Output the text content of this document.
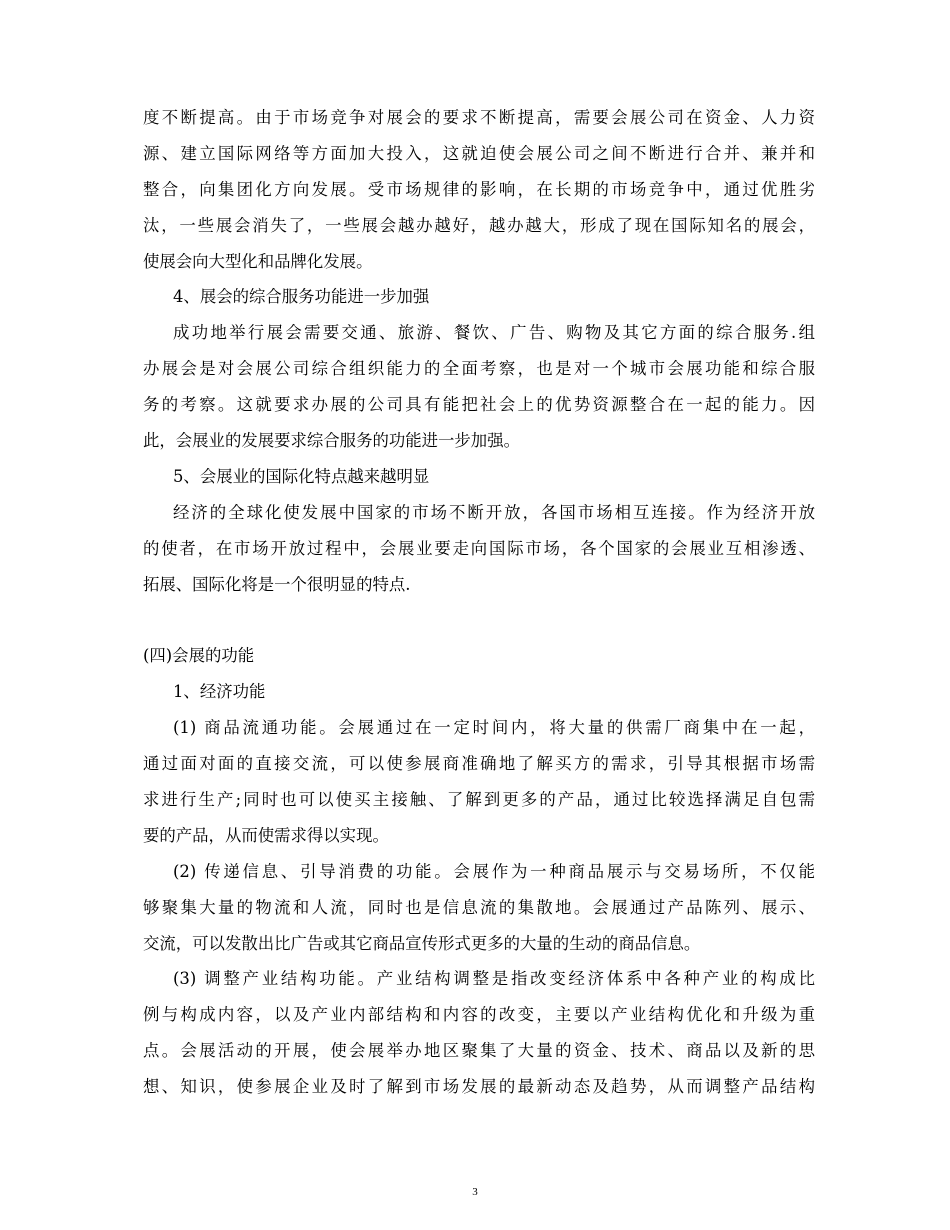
度不断提高。由于市场竞争对展会的要求不断提高，需要会展公司在资金、人力资
源、建立国际网络等方面加大投入，这就迫使会展公司之间不断进行合并、兼并和
整合，向集团化方向发展。受市场规律的影响，在长期的市场竞争中，通过优胜劣
汰，一些展会消失了，一些展会越办越好，越办越大，形成了现在国际知名的展会，
使展会向大型化和品牌化发展。
4、展会的综合服务功能进一步加强
成功地举行展会需要交通、旅游、餐饮、广告、购物及其它方面的综合服务.组
办展会是对会展公司综合组织能力的全面考察，也是对一个城市会展功能和综合服
务的考察。这就要求办展的公司具有能把社会上的优势资源整合在一起的能力。因
此，会展业的发展要求综合服务的功能进一步加强。
5、会展业的国际化特点越来越明显
经济的全球化使发展中国家的市场不断开放，各国市场相互连接。作为经济开放
的使者，在市场开放过程中，会展业要走向国际市场，各个国家的会展业互相渗透、
拓展、国际化将是一个很明显的特点.
(四)会展的功能
1、经济功能
(1) 商品流通功能。会展通过在一定时间内，将大量的供需厂商集中在一起，
通过面对面的直接交流，可以使参展商准确地了解买方的需求，引导其根据市场需
求进行生产;同时也可以使买主接触、了解到更多的产品，通过比较选择满足自包需
要的产品，从而使需求得以实现。
(2) 传递信息、引导消费的功能。会展作为一种商品展示与交易场所，不仅能
够聚集大量的物流和人流，同时也是信息流的集散地。会展通过产品陈列、展示、
交流，可以发散出比广告或其它商品宣传形式更多的大量的生动的商品信息。
(3) 调整产业结构功能。产业结构调整是指改变经济体系中各种产业的构成比
例与构成内容，以及产业内部结构和内容的改变，主要以产业结构优化和升级为重
点。会展活动的开展，使会展举办地区聚集了大量的资金、技术、商品以及新的思
想、知识，使参展企业及时了解到市场发展的最新动态及趋势，从而调整产品结构
3
